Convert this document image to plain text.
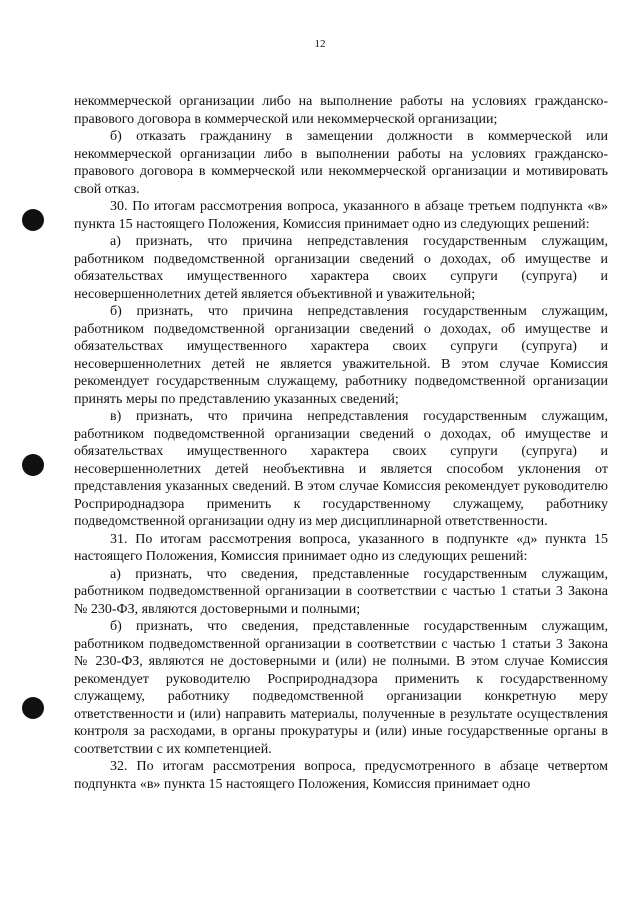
12

некоммерческой организации либо на выполнение работы на условиях гражданско-правового договора в коммерческой или некоммерческой организации;

б) отказать гражданину в замещении должности в коммерческой или некоммерческой организации либо в выполнении работы на условиях гражданско-правового договора в коммерческой или некоммерческой организации и мотивировать свой отказ.

30. По итогам рассмотрения вопроса, указанного в абзаце третьем подпункта «в» пункта 15 настоящего Положения, Комиссия принимает одно из следующих решений:

а) признать, что причина непредставления государственным служащим, работником подведомственной организации сведений о доходах, об имуществе и обязательствах имущественного характера своих супруги (супруга) и несовершеннолетних детей является объективной и уважительной;

б) признать, что причина непредставления государственным служащим, работником подведомственной организации сведений о доходах, об имуществе и обязательствах имущественного характера своих супруги (супруга) и несовершеннолетних детей не является уважительной. В этом случае Комиссия рекомендует государственным служащему, работнику подведомственной организации принять меры по представлению указанных сведений;

в) признать, что причина непредставления государственным служащим, работником подведомственной организации сведений о доходах, об имуществе и обязательствах имущественного характера своих супруги (супруга) и несовершеннолетних детей необъективна и является способом уклонения от представления указанных сведений. В этом случае Комиссия рекомендует руководителю Росприроднадзора применить к государственному служащему, работнику подведомственной организации одну из мер дисциплинарной ответственности.

31. По итогам рассмотрения вопроса, указанного в подпункте «д» пункта 15 настоящего Положения, Комиссия принимает одно из следующих решений:

а) признать, что сведения, представленные государственным служащим, работником подведомственной организации в соответствии с частью 1 статьи 3 Закона № 230-ФЗ, являются достоверными и полными;

б) признать, что сведения, представленные государственным служащим, работником подведомственной организации в соответствии с частью 1 статьи 3 Закона № 230-ФЗ, являются не достоверными и (или) не полными. В этом случае Комиссия рекомендует руководителю Росприроднадзора применить к государственному служащему, работнику подведомственной организации конкретную меру ответственности и (или) направить материалы, полученные в результате осуществления контроля за расходами, в органы прокуратуры и (или) иные государственные органы в соответствии с их компетенцией.

32. По итогам рассмотрения вопроса, предусмотренного в абзаце четвертом подпункта «в» пункта 15 настоящего Положения, Комиссия принимает одно
